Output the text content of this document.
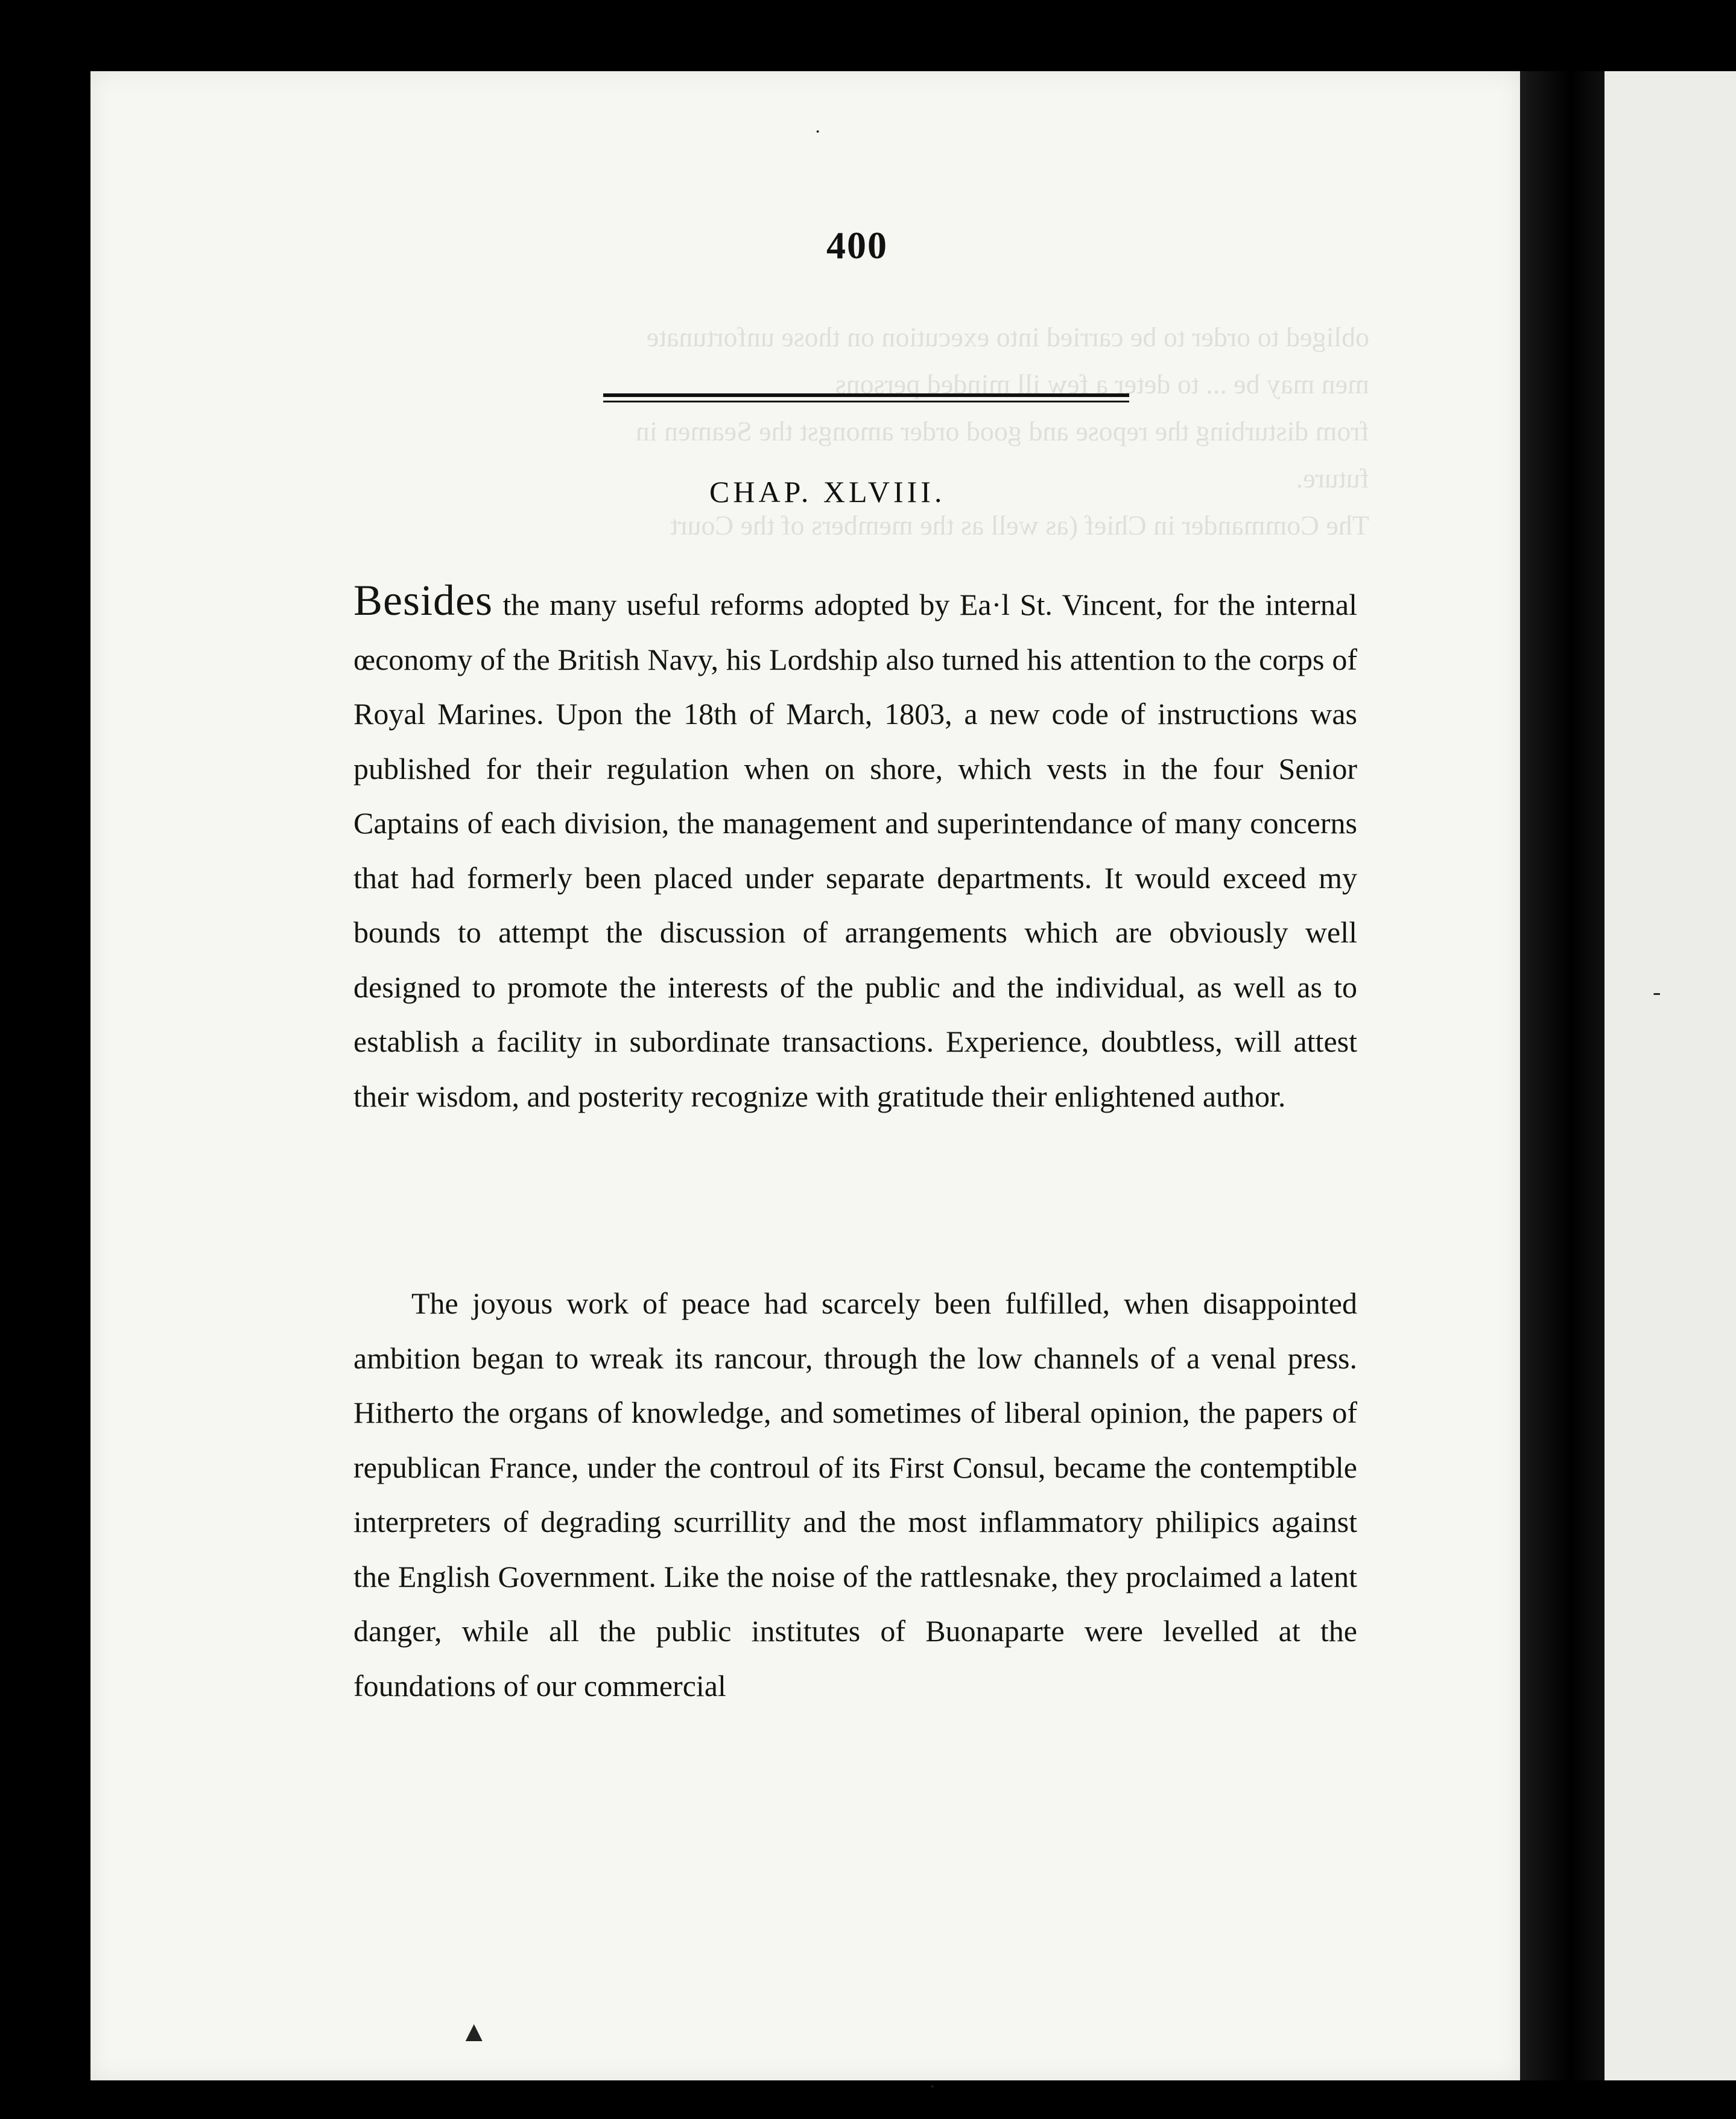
400
CHAP. XLVIII.
Besides the many useful reforms adopted by Ea·l St. Vincent, for the internal œconomy of the British Navy, his Lordship also turned his attention to the corps of Royal Marines. Upon the 18th of March, 1803, a new code of instructions was published for their regulation when on shore, which vests in the four Senior Captains of each division, the management and superintendance of many concerns that had formerly been placed under separate departments. It would exceed my bounds to attempt the discussion of arrangements which are obviously well designed to promote the interests of the public and the individual, as well as to establish a facility in subordinate transactions. Experience, doubtless, will attest their wisdom, and posterity recognize with gratitude their enlightened author.
The joyous work of peace had scarcely been fulfilled, when disappointed ambition began to wreak its rancour, through the low channels of a venal press. Hitherto the organs of knowledge, and sometimes of liberal opinion, the papers of republican France, under the controul of its First Consul, became the contemptible interpreters of degrading scurrillity and the most inflammatory philipics against the English Government. Like the noise of the rattlesnake, they proclaimed a latent danger, while all the public institutes of Buonaparte were levelled at the foundations of our commercial
▲
-
·
·
